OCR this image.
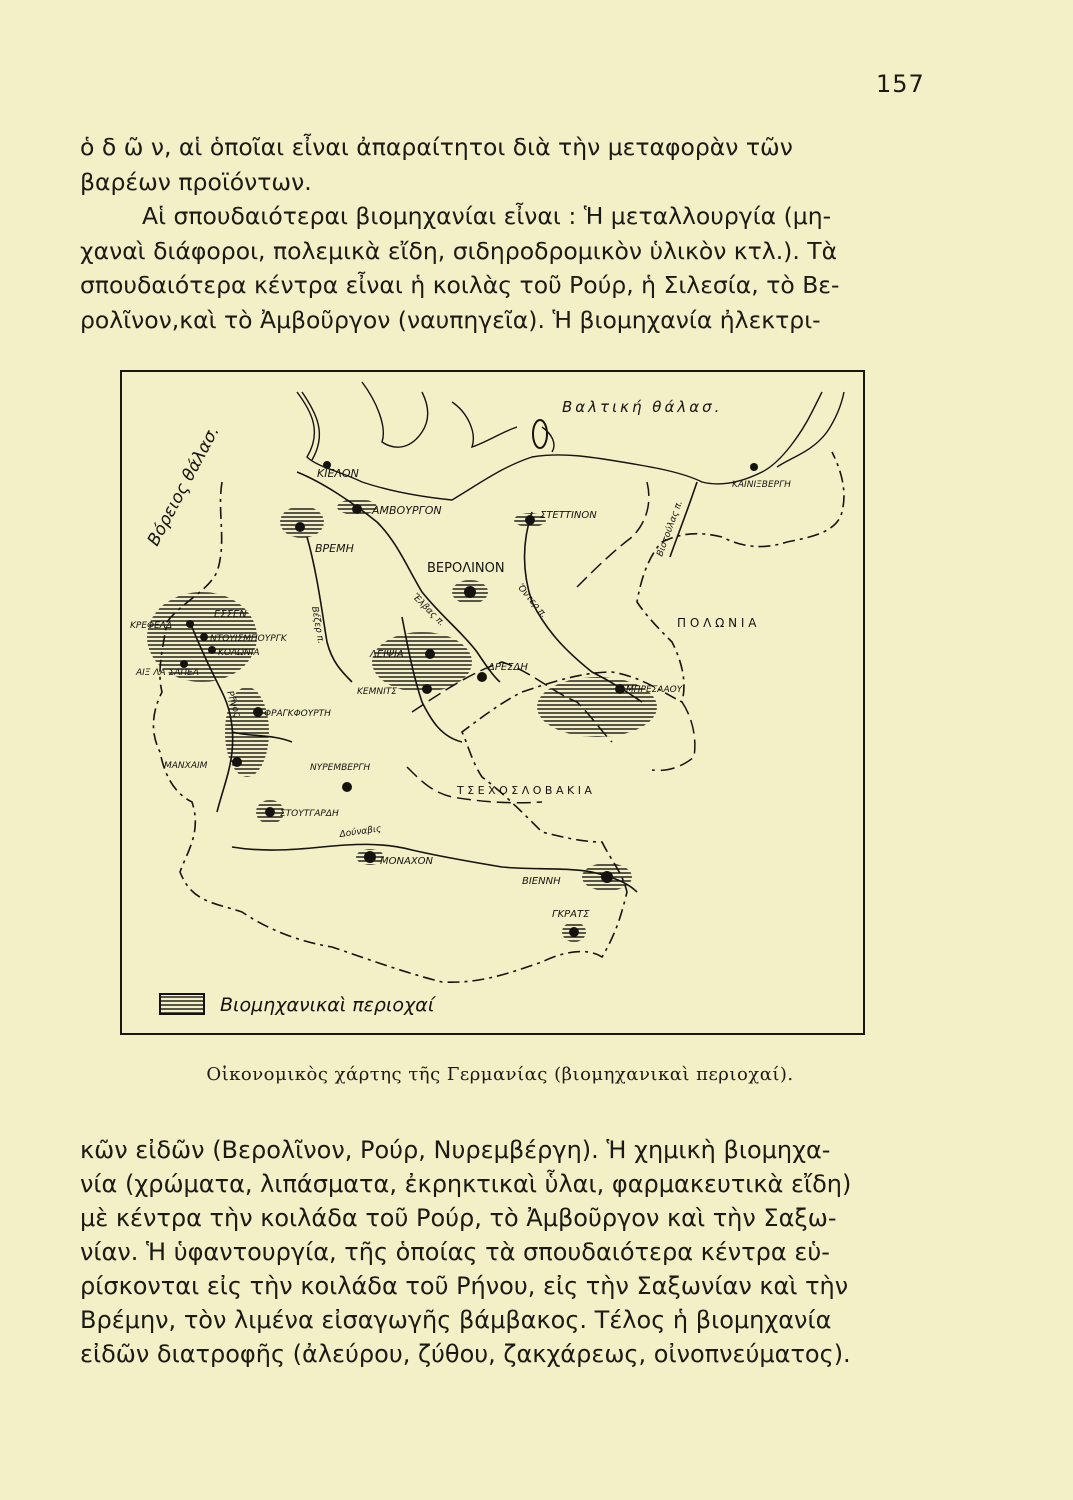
157

ὁ δ ῶ ν, αἱ ὁποῖαι εἶναι ἀπαραίτητοι διὰ τὴν μεταφορὰν τῶν
βαρέων προϊόντων.
Αἱ σπουδαιότεραι βιομηχανίαι εἶναι : Ἡ μεταλλουργία (μη-
χαναὶ διάφοροι, πολεμικὰ εἴδη, σιδηροδρομικὸν ὑλικὸν κτλ.). Τὰ
σπουδαιότερα κέντρα εἶναι ἡ κοιλὰς τοῦ Ρούρ, ἡ Σιλεσία, τὸ Βε-
ρολῖνον,καὶ τὸ Ἀμβοῦργον (ναυπηγεῖα). Ἡ βιομηχανία ἠλεκτρι-

Βόρειος θάλασ.
Βαλτική θάλασ.
ΚΙΕΛΟΝ
ΑΜΒΟΥΡΓΟΝ	ΣΤΕΤΤΙΝΟΝ
ΚΑΙΝΙΞΒΕΡΓΗ
ΒΡΕΜΗ
ΒΕΡΟΛΙΝΟΝ
ΕΣΣΕΝ
ΚΡΕΦΕΛΔ
ΝΤΟΥΙΣΜΠΟΥΡΓΚ
ΚΟΛΩΝΙΑ
ΑΙΞ ΛΑ ΣΑΠΕΛ
ΛΕΙΨΙΑ
ΔΡΕΣΔΗ
ΚΕΜΝΙΤΣ	ΜΠΡΕΣΛΑΟΥ
ΦΡΑΓΚΦΟΥΡΤΗ
ΜΑΝΧΑΙΜ	ΝΥΡΕΜΒΕΡΓΗ
ΣΤΟΥΤΓΑΡΔΗ
ΜΟΝΑΧΟΝ
ΒΙΕΝΝΗ
ΓΚΡΑΤΣ
Ρῆνος
Βέζερ π.	Ἔλβας π.	Ὄντερ π.
Βιστούλας π.
Δούναβις
Π Ο Λ Ω Ν Ι Α
Τ Σ Ε Χ Ο Σ Λ Ο Β Α Κ Ι Α
Βιομηχανικαὶ περιοχαί
Οἰκονομικὸς χάρτης τῆς Γερμανίας (βιομηχανικαὶ περιοχαί).

κῶν εἰδῶν (Βερολῖνον, Ρούρ, Νυρεμβέργη). Ἡ χημικὴ βιομηχα-
νία (χρώματα, λιπάσματα, ἐκρηκτικαὶ ὗλαι, φαρμακευτικὰ εἴδη)
μὲ κέντρα τὴν κοιλάδα τοῦ Ρούρ, τὸ Ἀμβοῦργον καὶ τὴν Σαξω-
νίαν. Ἡ ὑφαντουργία, τῆς ὁποίας τὰ σπουδαιότερα κέντρα εὑ-
ρίσκονται εἰς τὴν κοιλάδα τοῦ Ρήνου, εἰς τὴν Σαξωνίαν καὶ τὴν
Βρέμην, τὸν λιμένα εἰσαγωγῆς βάμβακος. Τέλος ἡ βιομηχανία
εἰδῶν διατροφῆς (ἀλεύρου, ζύθου, ζακχάρεως, οἰνοπνεύματος).
